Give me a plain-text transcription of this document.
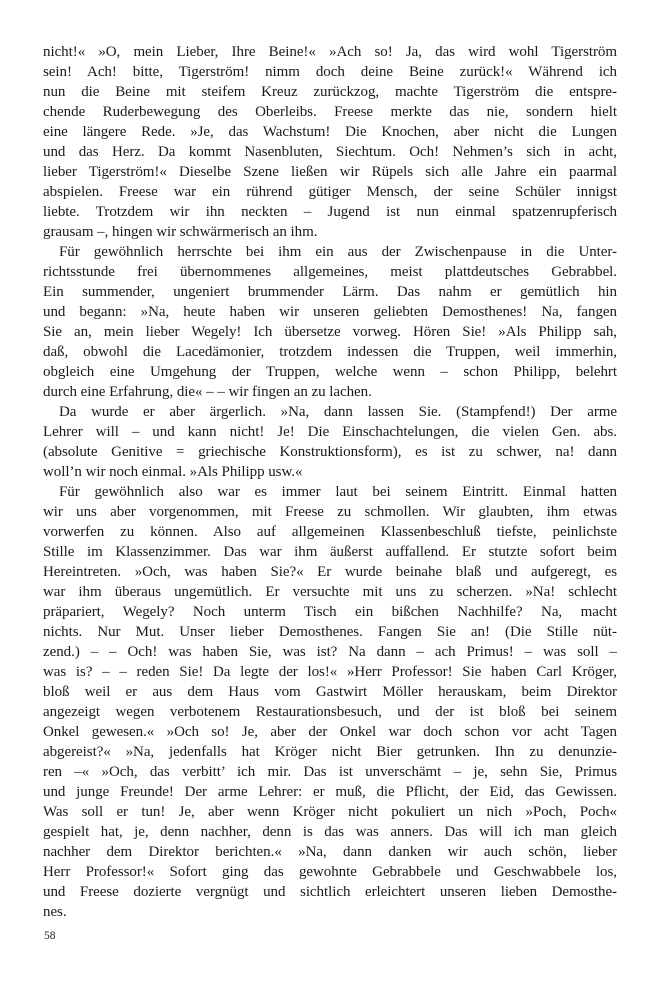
nicht!« »O, mein Lieber, Ihre Beine!« »Ach so! Ja, das wird wohl Tigerström
sein! Ach! bitte, Tigerström! nimm doch deine Beine zurück!« Während ich
nun die Beine mit steifem Kreuz zurückzog, machte Tigerström die entspre-
chende Ruderbewegung des Oberleibs. Freese merkte das nie, sondern hielt
eine längere Rede. »Je, das Wachstum! Die Knochen, aber nicht die Lungen
und das Herz. Da kommt Nasenbluten, Siechtum. Och! Nehmen’s sich in acht,
lieber Tigerström!« Dieselbe Szene ließen wir Rüpels sich alle Jahre ein paarmal
abspielen. Freese war ein rührend gütiger Mensch, der seine Schüler innigst
liebte. Trotzdem wir ihn neckten – Jugend ist nun einmal spatzenrupferisch
grausam –, hingen wir schwärmerisch an ihm.
Für gewöhnlich herrschte bei ihm ein aus der Zwischenpause in die Unter-
richtsstunde frei übernommenes allgemeines, meist plattdeutsches Gebrabbel.
Ein summender, ungeniert brummender Lärm. Das nahm er gemütlich hin
und begann: »Na, heute haben wir unseren geliebten Demosthenes! Na, fangen
Sie an, mein lieber Wegely! Ich übersetze vorweg. Hören Sie! »Als Philipp sah,
daß, obwohl die Lacedämonier, trotzdem indessen die Truppen, weil immerhin,
obgleich eine Umgehung der Truppen, welche wenn – schon Philipp, belehrt
durch eine Erfahrung, die« – – wir fingen an zu lachen.
Da wurde er aber ärgerlich. »Na, dann lassen Sie. (Stampfend!) Der arme
Lehrer will – und kann nicht! Je! Die Einschachtelungen, die vielen Gen. abs.
(absolute Genitive = griechische Konstruktionsform), es ist zu schwer, na! dann
woll’n wir noch einmal. »Als Philipp usw.«
Für gewöhnlich also war es immer laut bei seinem Eintritt. Einmal hatten
wir uns aber vorgenommen, mit Freese zu schmollen. Wir glaubten, ihm etwas
vorwerfen zu können. Also auf allgemeinen Klassenbeschluß tiefste, peinlichste
Stille im Klassenzimmer. Das war ihm äußerst auffallend. Er stutzte sofort beim
Hereintreten. »Och, was haben Sie?« Er wurde beinahe blaß und aufgeregt, es
war ihm überaus ungemütlich. Er versuchte mit uns zu scherzen. »Na! schlecht
präpariert, Wegely? Noch unterm Tisch ein bißchen Nachhilfe? Na, macht
nichts. Nur Mut. Unser lieber Demosthenes. Fangen Sie an! (Die Stille nüt-
zend.) – – Och! was haben Sie, was ist? Na dann – ach Primus! – was soll –
was is? – – reden Sie! Da legte der los!« »Herr Professor! Sie haben Carl Kröger,
bloß weil er aus dem Haus vom Gastwirt Möller herauskam, beim Direktor
angezeigt wegen verbotenem Restaurationsbesuch, und der ist bloß bei seinem
Onkel gewesen.« »Och so! Je, aber der Onkel war doch schon vor acht Tagen
abgereist?« »Na, jedenfalls hat Kröger nicht Bier getrunken. Ihn zu denunzie-
ren –« »Och, das verbitt’ ich mir. Das ist unverschämt – je, sehn Sie, Primus
und junge Freunde! Der arme Lehrer: er muß, die Pflicht, der Eid, das Gewissen.
Was soll er tun! Je, aber wenn Kröger nicht pokuliert un nich »Poch, Poch«
gespielt hat, je, denn nachher, denn is das was anners. Das will ich man gleich
nachher dem Direktor berichten.« »Na, dann danken wir auch schön, lieber
Herr Professor!« Sofort ging das gewohnte Gebrabbele und Geschwabbele los,
und Freese dozierte vergnügt und sichtlich erleichtert unseren lieben Demosthe-
nes.
58
